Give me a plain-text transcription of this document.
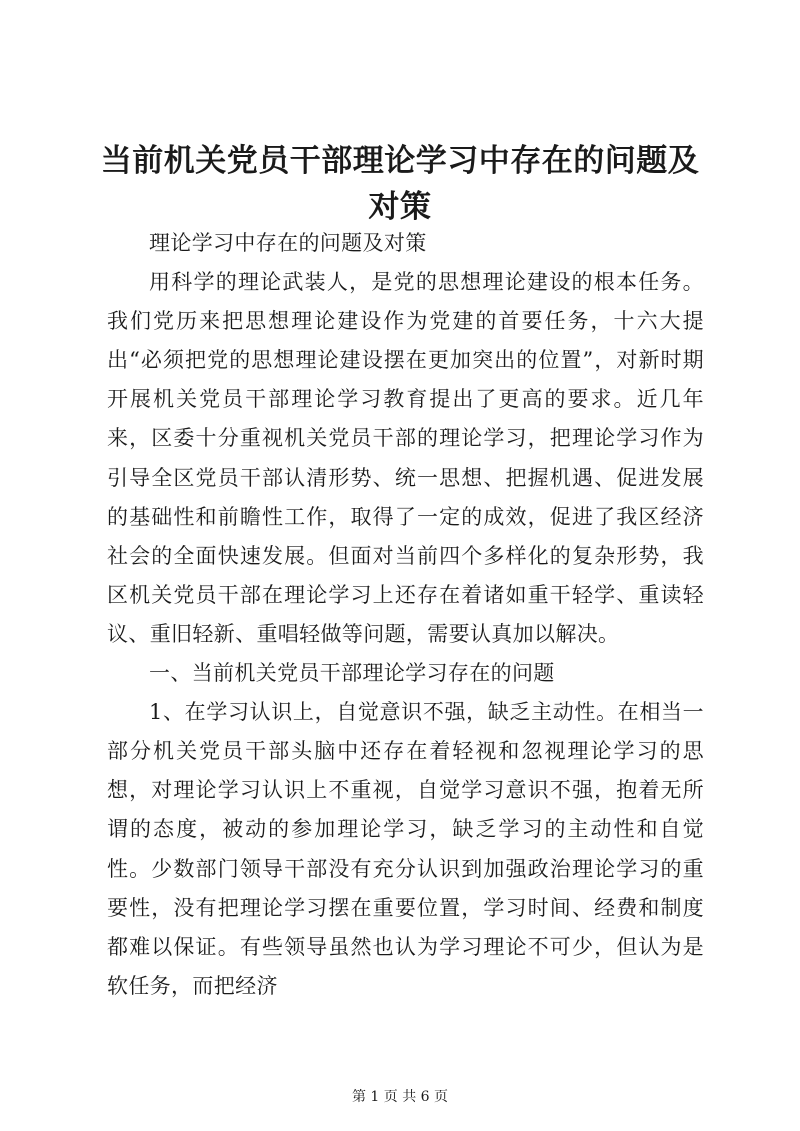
当前机关党员干部理论学习中存在的问题及对策

理论学习中存在的问题及对策

用科学的理论武装人，是党的思想理论建设的根本任务。我们党历来把思想理论建设作为党建的首要任务，十六大提出“必须把党的思想理论建设摆在更加突出的位置”，对新时期开展机关党员干部理论学习教育提出了更高的要求。近几年来，区委十分重视机关党员干部的理论学习，把理论学习作为引导全区党员干部认清形势、统一思想、把握机遇、促进发展的基础性和前瞻性工作，取得了一定的成效，促进了我区经济社会的全面快速发展。但面对当前四个多样化的复杂形势，我区机关党员干部在理论学习上还存在着诸如重干轻学、重读轻议、重旧轻新、重唱轻做等问题，需要认真加以解决。

一、当前机关党员干部理论学习存在的问题

1、在学习认识上，自觉意识不强，缺乏主动性。在相当一部分机关党员干部头脑中还存在着轻视和忽视理论学习的思想，对理论学习认识上不重视，自觉学习意识不强，抱着无所谓的态度，被动的参加理论学习，缺乏学习的主动性和自觉性。少数部门领导干部没有充分认识到加强政治理论学习的重要性，没有把理论学习摆在重要位置，学习时间、经费和制度都难以保证。有些领导虽然也认为学习理论不可少，但认为是软任务，而把经济

第 1 页 共 6 页
